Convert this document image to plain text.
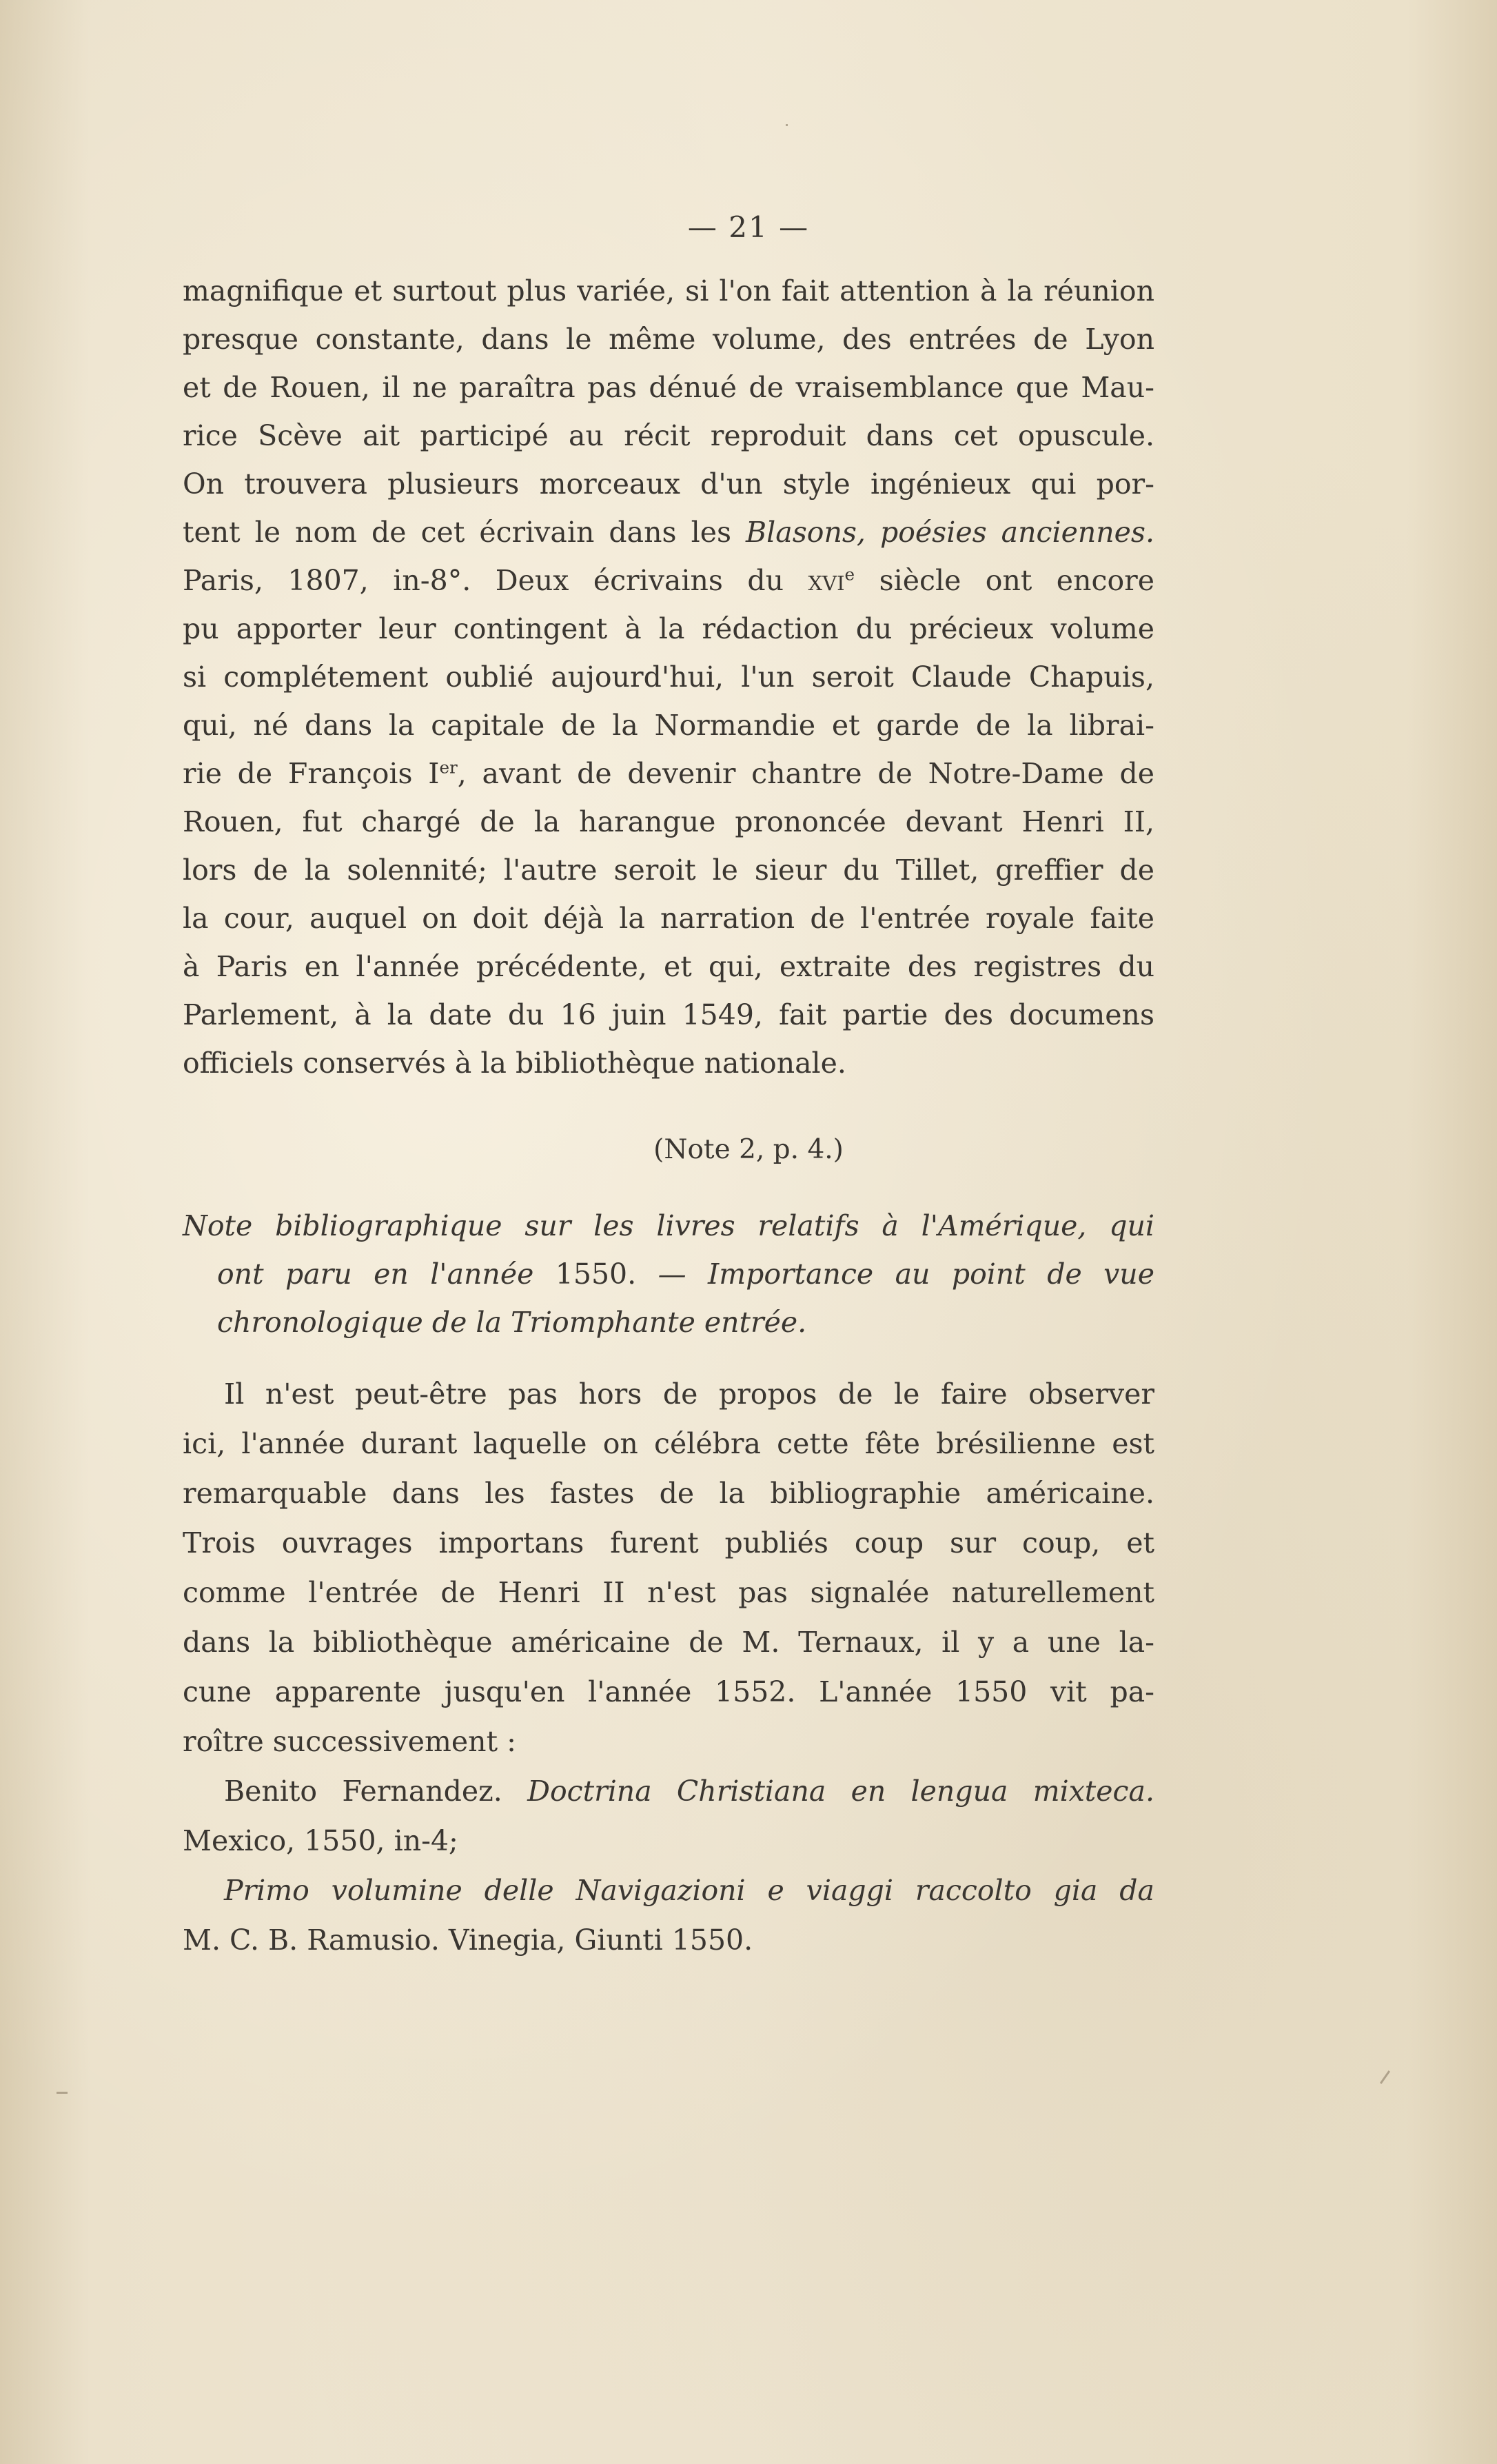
— 21 —
magnifique et surtout plus variée, si l'on fait attention à la réunion
presque constante, dans le même volume, des entrées de Lyon
et de Rouen, il ne paraîtra pas dénué de vraisemblance que Mau-
rice Scève ait participé au récit reproduit dans cet opuscule.
On trouvera plusieurs morceaux d'un style ingénieux qui por-
tent le nom de cet écrivain dans les Blasons, poésies anciennes.
Paris, 1807, in-8°. Deux écrivains du xvi$^e$ siècle ont encore
pu apporter leur contingent à la rédaction du précieux volume
si complétement oublié aujourd'hui, l'un seroit Claude Chapuis,
qui, né dans la capitale de la Normandie et garde de la librai-
rie de François Ier, avant de devenir chantre de Notre-Dame de
Rouen, fut chargé de la harangue prononcée devant Henri II,
lors de la solennité; l'autre seroit le sieur du Tillet, greffier de
la cour, auquel on doit déjà la narration de l'entrée royale faite
à Paris en l'année précédente, et qui, extraite des registres du
Parlement, à la date du 16 juin 1549, fait partie des documens
officiels conservés à la bibliothèque nationale.
(Note 2, p. 4.)
Note bibliographique sur les livres relatifs à l'Amérique, qui
ont paru en l'année 1550. — Importance au point de vue
chronologique de la Triomphante entrée.
Il n'est peut-être pas hors de propos de le faire observer
ici, l'année durant laquelle on célébra cette fête brésilienne est
remarquable dans les fastes de la bibliographie américaine.
Trois ouvrages importans furent publiés coup sur coup, et
comme l'entrée de Henri II n'est pas signalée naturellement
dans la bibliothèque américaine de M. Ternaux, il y a une la-
cune apparente jusqu'en l'année 1552. L'année 1550 vit pa-
roître successivement :
Benito Fernandez. Doctrina Christiana en lengua mixteca.
Mexico, 1550, in-4;
Primo volumine delle Navigazioni e viaggi raccolto gia da
M. C. B. Ramusio. Vinegia, Giunti 1550.
